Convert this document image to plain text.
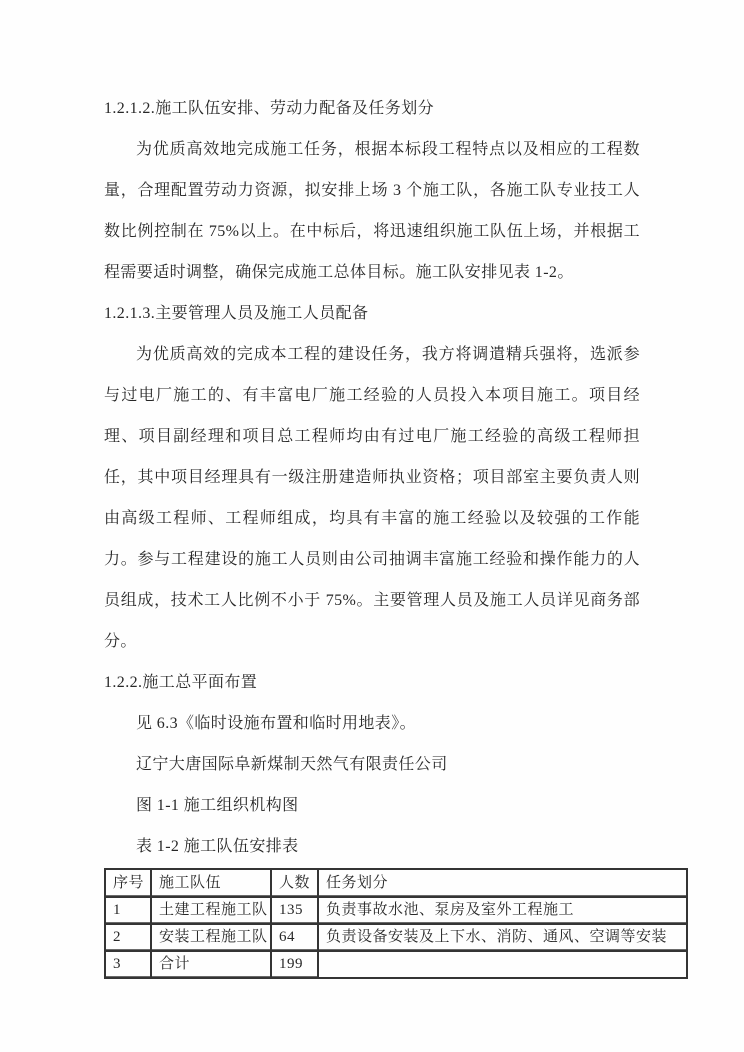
1.2.1.2.施工队伍安排、劳动力配备及任务划分

为优质高效地完成施工任务，根据本标段工程特点以及相应的工程数量，合理配置劳动力资源，拟安排上场 3 个施工队，各施工队专业技工人数比例控制在 75%以上。在中标后，将迅速组织施工队伍上场，并根据工程需要适时调整，确保完成施工总体目标。施工队安排见表 1-2。

1.2.1.3.主要管理人员及施工人员配备

为优质高效的完成本工程的建设任务，我方将调遣精兵强将，选派参与过电厂施工的、有丰富电厂施工经验的人员投入本项目施工。项目经理、项目副经理和项目总工程师均由有过电厂施工经验的高级工程师担任，其中项目经理具有一级注册建造师执业资格；项目部室主要负责人则由高级工程师、工程师组成，均具有丰富的施工经验以及较强的工作能力。参与工程建设的施工人员则由公司抽调丰富施工经验和操作能力的人员组成，技术工人比例不小于 75%。主要管理人员及施工人员详见商务部分。

1.2.2.施工总平面布置

见 6.3《临时设施布置和临时用地表》。

辽宁大唐国际阜新煤制天然气有限责任公司

图 1-1 施工组织机构图

表 1-2 施工队伍安排表

序号	施工队伍	人数	任务划分

1	土建工程施工队	135	负责事故水池、泵房及室外工程施工

2	安装工程施工队	64	负责设备安装及上下水、消防、通风、空调等安装

3	合计	199	
